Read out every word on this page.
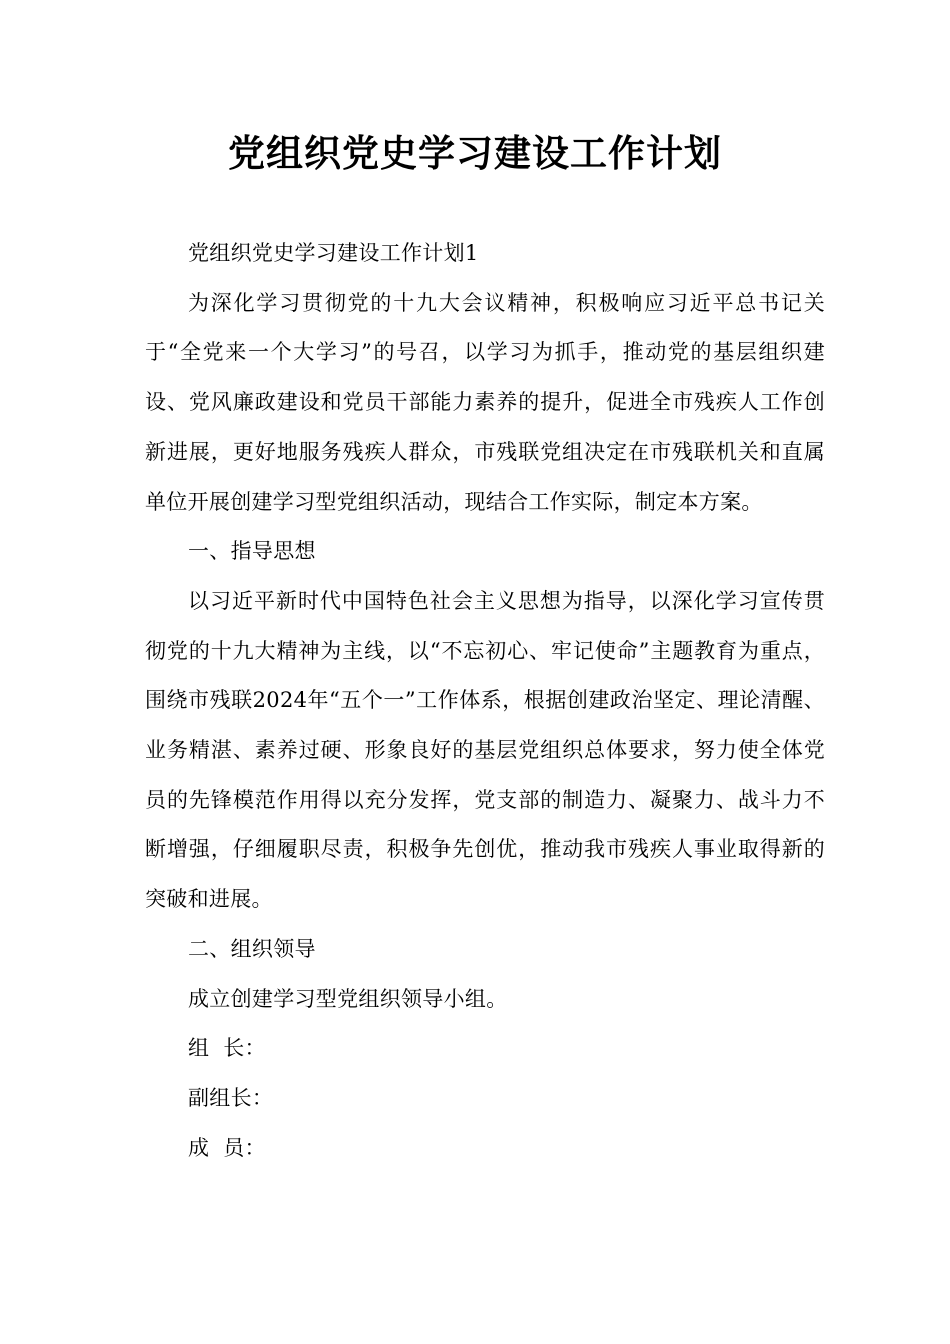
党组织党史学习建设工作计划

党组织党史学习建设工作计划1

为深化学习贯彻党的十九大会议精神，积极响应习近平总书记关于“全党来一个大学习”的号召，以学习为抓手，推动党的基层组织建设、党风廉政建设和党员干部能力素养的提升，促进全市残疾人工作创新进展，更好地服务残疾人群众，市残联党组决定在市残联机关和直属单位开展创建学习型党组织活动，现结合工作实际，制定本方案。

一、指导思想

以习近平新时代中国特色社会主义思想为指导，以深化学习宣传贯彻党的十九大精神为主线，以“不忘初心、牢记使命”主题教育为重点，围绕市残联2024年“五个一”工作体系，根据创建政治坚定、理论清醒、业务精湛、素养过硬、形象良好的基层党组织总体要求，努力使全体党员的先锋模范作用得以充分发挥，党支部的制造力、凝聚力、战斗力不断增强，仔细履职尽责，积极争先创优，推动我市残疾人事业取得新的突破和进展。

二、组织领导

成立创建学习型党组织领导小组。

组  长：

副组长：

成  员：
